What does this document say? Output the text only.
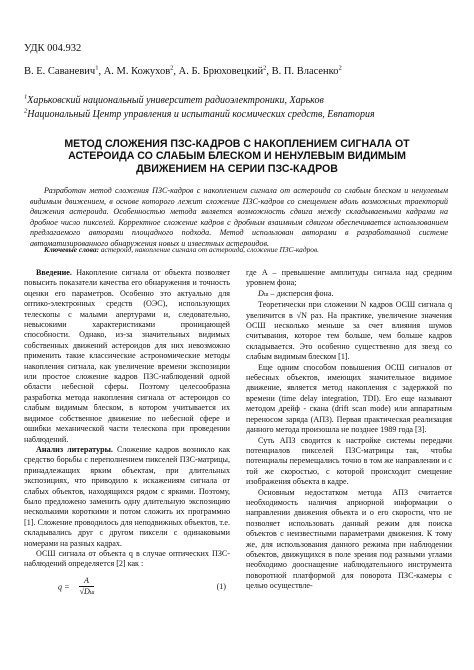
УДК 004.932
В. Е. Саваневич$^1$, А. М. Кожухов$^2$, А. Б. Брюховецкий$^2$, В. П. Власенко$^2$
$^1$Харьковский национальный университет радиоэлектроники, Харьков
$^2$Национальный Центр управления и испытаний космических средств, Евпатория
МЕТОД СЛОЖЕНИЯ ПЗС-КАДРОВ С НАКОПЛЕНИЕМ СИГНАЛА ОТ АСТЕРОИДА СО СЛАБЫМ БЛЕСКОМ И НЕНУЛЕВЫМ ВИДИМЫМ ДВИЖЕНИЕМ НА СЕРИИ ПЗС-КАДРОВ
Разработан метод сложения ПЗС-кадров с накоплением сигнала от астероида со слабым блеском и ненулевым видимым движением, в основе которого лежит сложение ПЗС-кадров со смещением вдоль возможных траекторий движения астероида. Особенностью метода является возможность сдвига между складываемыми кадрами на дробное число пикселей. Корректное сложение кадров с дробным взаимным сдвигом обеспечивается использованием предлагаемого авторами площадного подхода. Метод использован авторами в разработанной системе автоматизированного обнаружения новых и известных астероидов.
Ключевые слова: астероид, накопление сигнала от астероида, сложение ПЗС-кадров.

Введение. Накопление сигнала от объекта позволяет повысить показатели качества его обнаружения и точность оценки его параметров. Особенно это актуально для оптико-электронных средств (ОЭС), использующих телескопы с малыми апертурами и, следовательно, невысокими характеристиками проницающей способности. Однако, из-за значительных видимых собственных движений астероидов для них невозможно применить такие классические астрономические методы накопления сигнала, как увеличение времени экспозиции или простое сложение кадров ПЗС-наблюдений одной области небесной сферы. Поэтому целесообразна разработка метода накопления сигнала от астероидов со слабым видимым блеском, в котором учитывается их видимое собственное движение по небесной сфере и ошибки механической части телескопа при проведении наблюдений.

Анализ литературы. Сложение кадров возникло как средство борьбы с переполнением пикселей ПЗС-матрицы, принадлежащих ярким объектам, при длительных экспозициях, что приводило к искажениям сигнала от слабых объектов, находящихся рядом с яркими. Поэтому, было предложено заменить одну длительную экспозицию несколькими короткими и потом сложить их программно [1]. Сложение проводилось для неподвижных объектов, т.е. складывались друг с другом пиксели с одинаковыми номерами на разных кадрах.

ОСШ сигнала от объекта q в случае оптических ПЗС-наблюдений определяется [2] как :

$q = \frac{A}{√Dш}$	(1)

где A – превышение амплитуды сигнала над средним уровнем фона;

Dш – дисперсия фона.

Теоретически при сложении N кадров ОСШ сигнала q увеличится в √N раз. На практике, увеличение значения ОСШ несколько меньше за счет влияния шумов считывания, которое тем больше, чем больше кадров складывается. Это особенно существенно для звезд со слабым видимым блеском [1].

Еще одним способом повышения ОСШ сигналов от небесных объектов, имеющих значительное видимое движение, является метод накопления с задержкой по времени (time delay integration, TDI). Его еще называют методом дрейф - скана (drift scan mode) или аппаратным переносом заряда (АПЗ). Первая практическая реализация данного метода произошла не позднее 1989 года [3].

Суть АПЗ сводится к настройке системы передачи потенциалов пикселей ПЗС-матрицы так, чтобы потенциалы перемещались точно в том же направлении и с той же скоростью, с которой происходит смещение изображения объекта в кадре.

Основным недостатком метода АПЗ считается необходимость наличия априорной информации о направлении движения объекта и о его скорости, что не позволяет использовать данный режим для поиска объектов с неизвестными параметрами движения. К тому же, для использования данного режима при наблюдении объектов, движущихся в поле зрения под разными углами необходимо дооснащение наблюдательного инструмента поворотной платформой для поворота ПЗС-камеры с целью осуществле-
